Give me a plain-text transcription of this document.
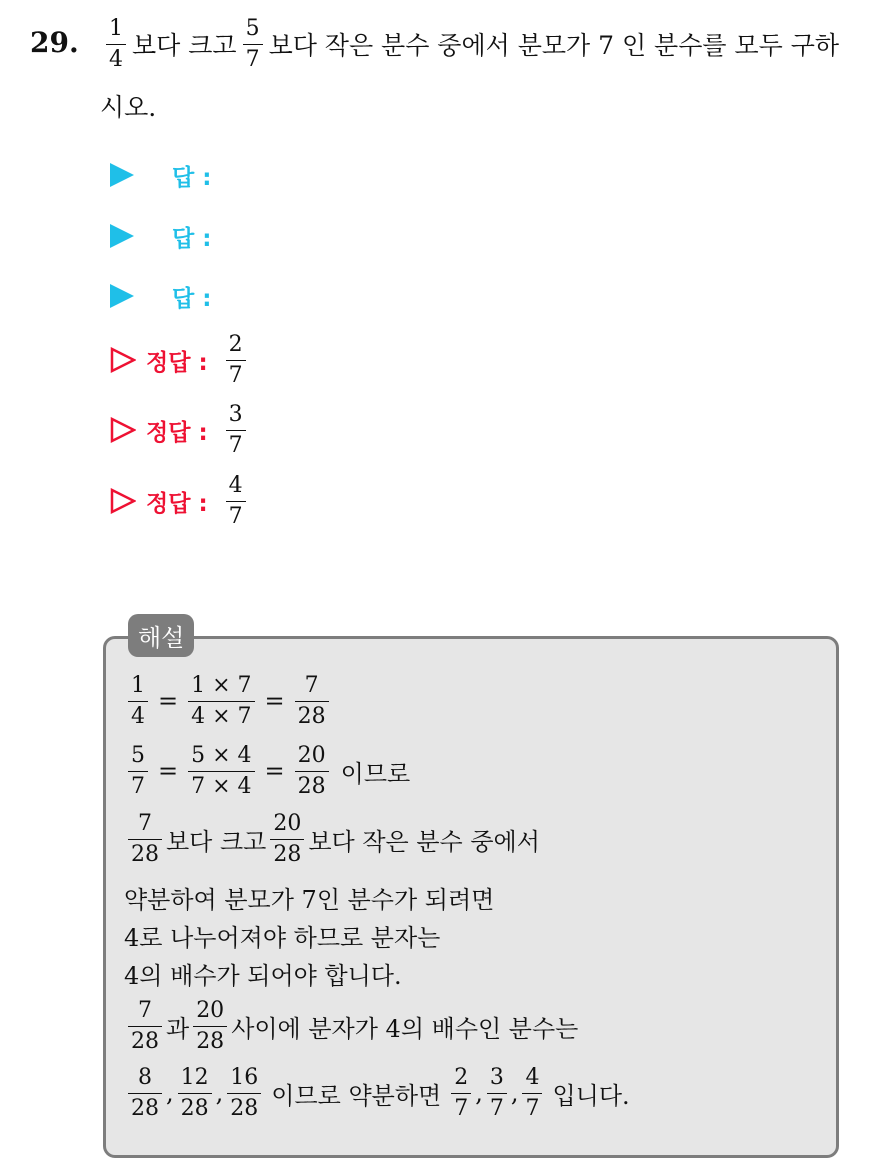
29. $\frac{1}{4}$ 보다 크고 $\frac{5}{7}$ 보다 작은 분수 중에서 분모가 7 인 분수를 모두 구하
시오.
답 :
답 :
답 :
정답 : $\frac{2}{7}$
정답 : $\frac{3}{7}$
정답 : $\frac{4}{7}$
해설
$\frac{1}{4} = \frac{1 \times 7}{4 \times 7} = \frac{7}{28}$
$\frac{5}{7} = \frac{5 \times 4}{7 \times 4} = \frac{20}{28}$ 이므로
$\frac{7}{28}$ 보다 크고 $\frac{20}{28}$ 보다 작은 분수 중에서
약분하여 분모가 7인 분수가 되려면
4로 나누어져야 하므로 분자는
4의 배수가 되어야 합니다.
$\frac{7}{28}$ 과 $\frac{20}{28}$ 사이에 분자가 4의 배수인 분수는
$\frac{8}{28}$ , $\frac{12}{28}$ , $\frac{16}{28}$ 이므로 약분하면 $\frac{2}{7}$ , $\frac{3}{7}$ , $\frac{4}{7}$ 입니다.
